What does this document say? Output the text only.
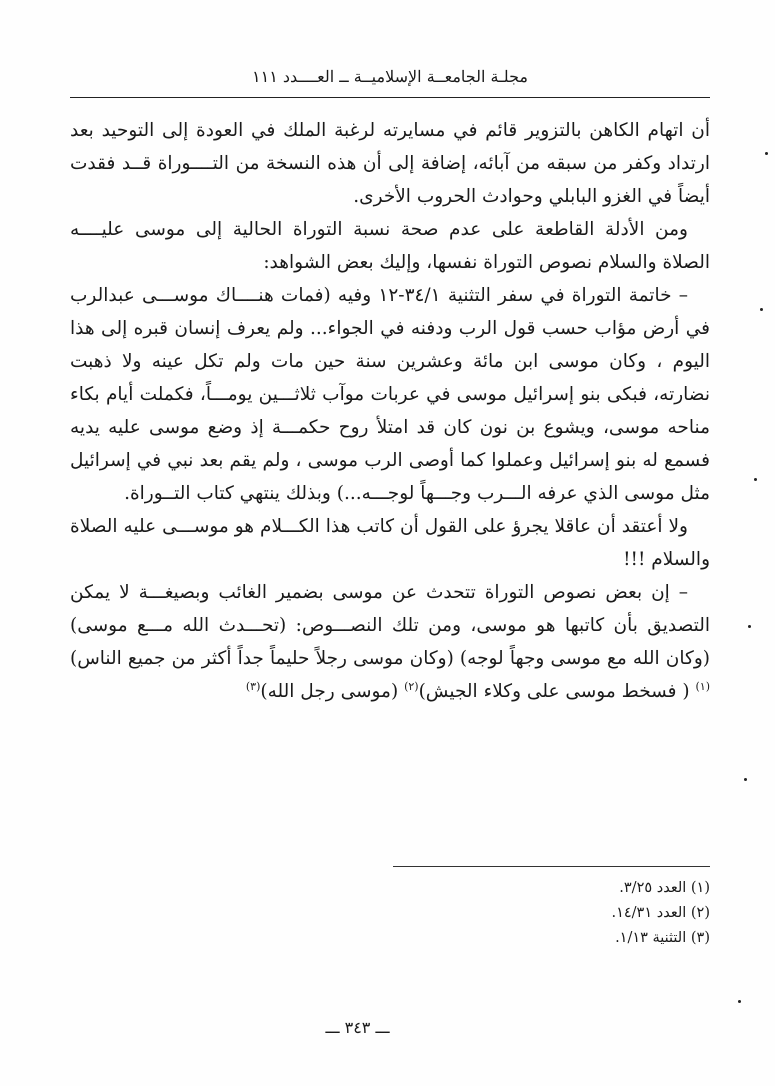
مجلـة الجامعــة الإسلاميــة ــ العــــدد ١١١

أن اتهام الكاهن بالتزوير قائم في مسايرته لرغبة الملك في العودة إلى التوحيد بعد ارتداد وكفر من سبقه من آبائه، إضافة إلى أن هذه النسخة من التــــوراة قــد فقدت أيضاً في الغزو البابلي وحوادث الحروب الأخرى.

ومن الأدلة القاطعة على عدم صحة نسبة التوراة الحالية إلى موسى عليــــه الصلاة والسلام نصوص التوراة نفسها، وإليك بعض الشواهد:

– خاتمة التوراة في سفر التثنية ٣٤/١-١٢ وفيه (فمات هنــــاك موســـى عبدالرب في أرض مؤاب حسب قول الرب ودفنه في الجواء... ولم يعرف إنسان قبره إلى هذا اليوم ، وكان موسى ابن مائة وعشرين سنة حين مات ولم تكل عينه ولا ذهبت نضارته، فبكى بنو إسرائيل موسى في عربات موآب ثلاثـــين يومـــاً، فكملت أيام بكاء مناحه موسى، ويشوع بن نون كان قد امتلأ روح حكمـــة إذ وضع موسى عليه يديه فسمع له بنو إسرائيل وعملوا كما أوصى الرب موسى ، ولم يقم بعد نبي في إسرائيل مثل موسى الذي عرفه الـــرب وجـــهاً لوجـــه...) وبذلك ينتهي كتاب التــوراة.

ولا أعتقد أن عاقلا يجرؤ على القول أن كاتب هذا الكـــلام هو موســـى عليه الصلاة والسلام !!!

– إن بعض نصوص التوراة تتحدث عن موسى بضمير الغائب وبصيغـــة لا يمكن التصديق بأن كاتبها هو موسى، ومن تلك النصـــوص: (تحـــدث الله مـــع موسى) (وكان الله مع موسى وجهاً لوجه) (وكان موسى رجلاً حليماً جداً أكثر من جميع الناس)$^{(١)}$ ( فسخط موسى على وكلاء الجيش)$^{(٢)}$ (موسى رجل الله)$^{(٣)}$

(١) العدد ٣/٢٥.
(٢) العدد ١٤/٣١.
(٣) التثنية ١/١٣.
ـــ ٣٤٣ ـــ
